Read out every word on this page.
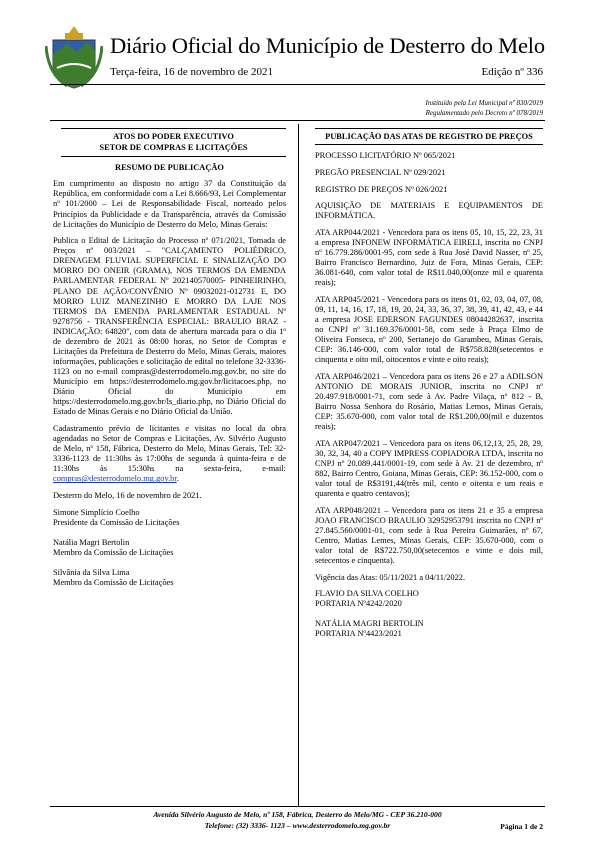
Diário Oficial do Município de Desterro do Melo
Terça-feira, 16 de novembro de 2021	Edição nº 336
Instituído pela Lei Municipal nº 830/2019
Regulamentado pelo Decreto nº 078/2019
ATOS DO PODER EXECUTIVO
SETOR DE COMPRAS E LICITAÇÕES

RESUMO DE PUBLICAÇÃO

Em cumprimento ao disposto no artigo 37 da Constituição da República, em conformidade com a Lei 8.666/93, Lei Complementar nº 101/2000 – Lei de Responsabilidade Fiscal, norteado pelos Princípios da Publicidade e da Transparência, através da Comissão de Licitações do Município de Desterro do Melo, Minas Gerais:

Publica o Edital de Licitação do Processo nº 071/2021, Tomada de Preços nº 003/2021 – "CALÇAMENTO POLIÉDRICO, DRENAGEM FLUVIAL SUPERFICIAL E SINALIZAÇÃO DO MORRO DO ONEIR (GRAMA), NOS TERMOS DA EMENDA PARLAMENTAR FEDERAL Nº 202140570005- PINHEIRINHO, PLANO DE AÇÃO/CONVÊNIO Nº 09032021-012731 E, DO MORRO LUIZ MANEZINHO E MORRO DA LAJE NOS TERMOS DA EMENDA PARLAMENTAR ESTADUAL Nº 9278756 - TRANSFERÊNCIA ESPECIAL: BRAULIO BRAZ - INDICAÇÃO: 64820", com data de abertura marcada para o dia 1º de dezembro de 2021 às 08:00 horas, no Setor de Compras e Licitações da Prefeitura de Desterro do Melo, Minas Gerais, maiores informações, publicações e solicitação de edital no telefone 32-3336-1123 ou no e-mail compras@desterrodomelo.mg.gov.br, no site do Município em https://desterrodomelo.mg.gov.br/licitacoes.php, no Diário Oficial do Município em https://desterrodomelo.mg.gov.br/ls_diario.php, no Diário Oficial do Estado de Minas Gerais e no Diário Oficial da União.

Cadastramento prévio de licitantes e visitas no local da obra agendadas no Setor de Compras e Licitações, Av. Silvério Augusto de Melo, nº 158, Fábrica, Desterro do Melo, Minas Gerais, Tel: 32-3336-1123 de 11:30hs às 17:00hs de segunda à quinta-feira e de 11:30hs às 15:30hs na sexta-feira, e-mail: compras@desterrodomelo.mg.gov.br.

Desterro do Melo, 16 de novembro de 2021.

Simone Simplício Coelho

Presidente da Comissão de Licitações

Natália Magri Bertolin

Membro da Comissão de Licitações

Silvânia da Silva Lima

Membro da Comissão de Licitações

PUBLICAÇÃO DAS ATAS DE REGISTRO DE PREÇOS

PROCESSO LICITATÓRIO Nº 065/2021

PREGÃO PRESENCIAL Nº 029/2021

REGISTRO DE PREÇOS Nº 026/2021

AQUISIÇÃO DE MATERIAIS E EQUIPAMENTOS DE INFORMÁTICA.

ATA ARP044/2021 - Vencedora para os itens 05, 10, 15, 22, 23, 31 a empresa INFONEW INFORMÁTICA EIRELI, inscrita no CNPJ nº 16.779.286/0001-95, com sede à Rua José David Nasser, nº 25, Bairro Francisco Bernardino, Juiz de Fora, Minas Gerais, CEP: 36.081-640, com valor total de R$11.040,00(onze mil e quarenta reais);

ATA ARP045/2021 - Vencedora para os itens 01, 02, 03, 04, 07, 08, 09, 11, 14, 16, 17, 18, 19, 20, 24, 33, 36, 37, 38, 39, 41, 42, 43, e 44 a empresa JOSE EDERSON FAGUNDES 08044282637, inscrita no CNPJ nº 31.169.376/0001-58, com sede à Praça Elmo de Oliveira Fonseca, nº 200, Sertanejo do Garambeu, Minas Gerais, CEP: 36.146-000, com valor total de R$758.828(setecentos e cinquenta e oito mil, oitocentos e vinte e oito reais);

ATA ARP046/2021 – Vencedora para os itens 26 e 27 a ADILSON ANTONIO DE MORAIS JUNIOR, inscrita no CNPJ nº 20.497.918/0001-71, com sede à Av. Padre Vilaça, nº 812 - B, Bairro Nossa Senhora do Rosário, Matias Lemos, Minas Gerais, CEP: 35.670-000, com valor total de R$1.200,00(mil e duzentos reais);

ATA ARP047/2021 – Vencedora para os itens 06,12,13, 25, 28, 29, 30, 32, 34, 40 a COPY IMPRESS COPIADORA LTDA, inscrita no CNPJ nº 20.089.441/0001-19, com sede à Av. 21 de dezembro, nº 882, Bairro Centro, Goiana, Minas Gerais, CEP: 36.152-000, com o valor total de R$3191,44(três mil, cento e oitenta e um reais e quarenta e quatro centavos);

ATA ARP048/2021 – Vencedora para os itens 21 e 35 a empresa JOAO FRANCISCO BRAULIO 32952953791 inscrita no CNPJ nº 27.845.560/0001-01, com sede à Rua Pereira Guimarães, nº 67, Centro, Matias Lemes, Minas Gerais, CEP: 35.670-000, com o valor total de R$722.750,00(setecentos e vinte e dois mil, setecentos e cinquenta).

Vigência das Atas: 05/11/2021 a 04/11/2022.

FLAVIO DA SILVA COELHO

PORTARIA Nº4242/2020

NATÁLIA MAGRI BERTOLIN

PORTARIA Nº4423/2021

Avenida Silvério Augusto de Melo, nº 158, Fábrica, Desterro do Melo/MG - CEP 36.210-000
Telefone: (32) 3336- 1123 – www.desterrodomelo.mg.gov.br	Página 1 de 2
